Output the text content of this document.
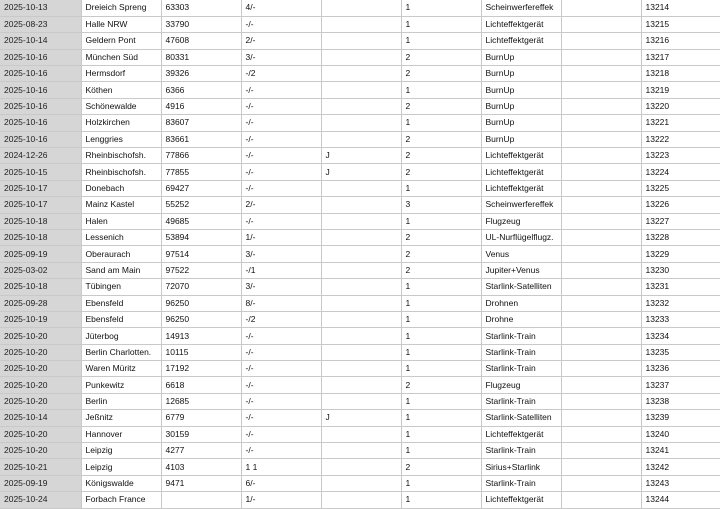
2025-10-13	Dreieich Spreng	63303	4/-		1	Scheinwerfereffek		13214
2025-08-23	Halle NRW	33790	-/-		1	Lichteffektgerät		13215
2025-10-14	Geldern Pont	47608	2/-		1	Lichteffektgerät		13216
2025-10-16	München Süd	80331	3/-		2	BurnUp		13217
2025-10-16	Hermsdorf	39326	-/2		2	BurnUp		13218
2025-10-16	Köthen	6366	-/-		1	BurnUp		13219
2025-10-16	Schönewalde	4916	-/-		2	BurnUp		13220
2025-10-16	Holzkirchen	83607	-/-		1	BurnUp		13221
2025-10-16	Lenggries	83661	-/-		2	BurnUp		13222
2024-12-26	Rheinbischofsh.	77866	-/-	J	2	Lichteffektgerät		13223
2025-10-15	Rheinbischofsh.	77855	-/-	J	2	Lichteffektgerät		13224
2025-10-17	Donebach	69427	-/-		1	Lichteffektgerät		13225
2025-10-17	Mainz Kastel	55252	2/-		3	Scheinwerfereffek		13226
2025-10-18	Halen	49685	-/-		1	Flugzeug		13227
2025-10-18	Lessenich	53894	1/-		2	UL-Nurflügelflugz.		13228
2025-09-19	Oberaurach	97514	3/-		2	Venus		13229
2025-03-02	Sand am Main	97522	-/1		2	Jupiter+Venus		13230
2025-10-18	Tübingen	72070	3/-		1	Starlink-Satelliten		13231
2025-09-28	Ebensfeld	96250	8/-		1	Drohnen		13232
2025-10-19	Ebensfeld	96250	-/2		1	Drohne		13233
2025-10-20	Jüterbog	14913	-/-		1	Starlink-Train		13234
2025-10-20	Berlin Charlotten.	10115	-/-		1	Starlink-Train		13235
2025-10-20	Waren Müritz	17192	-/-		1	Starlink-Train		13236
2025-10-20	Punkewitz	6618	-/-		2	Flugzeug		13237
2025-10-20	Berlin	12685	-/-		1	Starlink-Train		13238
2025-10-14	Jeßnitz	6779	-/-	J	1	Starlink-Satelliten		13239
2025-10-20	Hannover	30159	-/-		1	Lichteffektgerät		13240
2025-10-20	Leipzig	4277	-/-		1	Starlink-Train		13241
2025-10-21	Leipzig	4103	1 1		2	Sirius+Starlink		13242
2025-09-19	Königswalde	9471	6/-		1	Starlink-Train		13243
2025-10-24	Forbach France		1/-		1	Lichteffektgerät		13244
